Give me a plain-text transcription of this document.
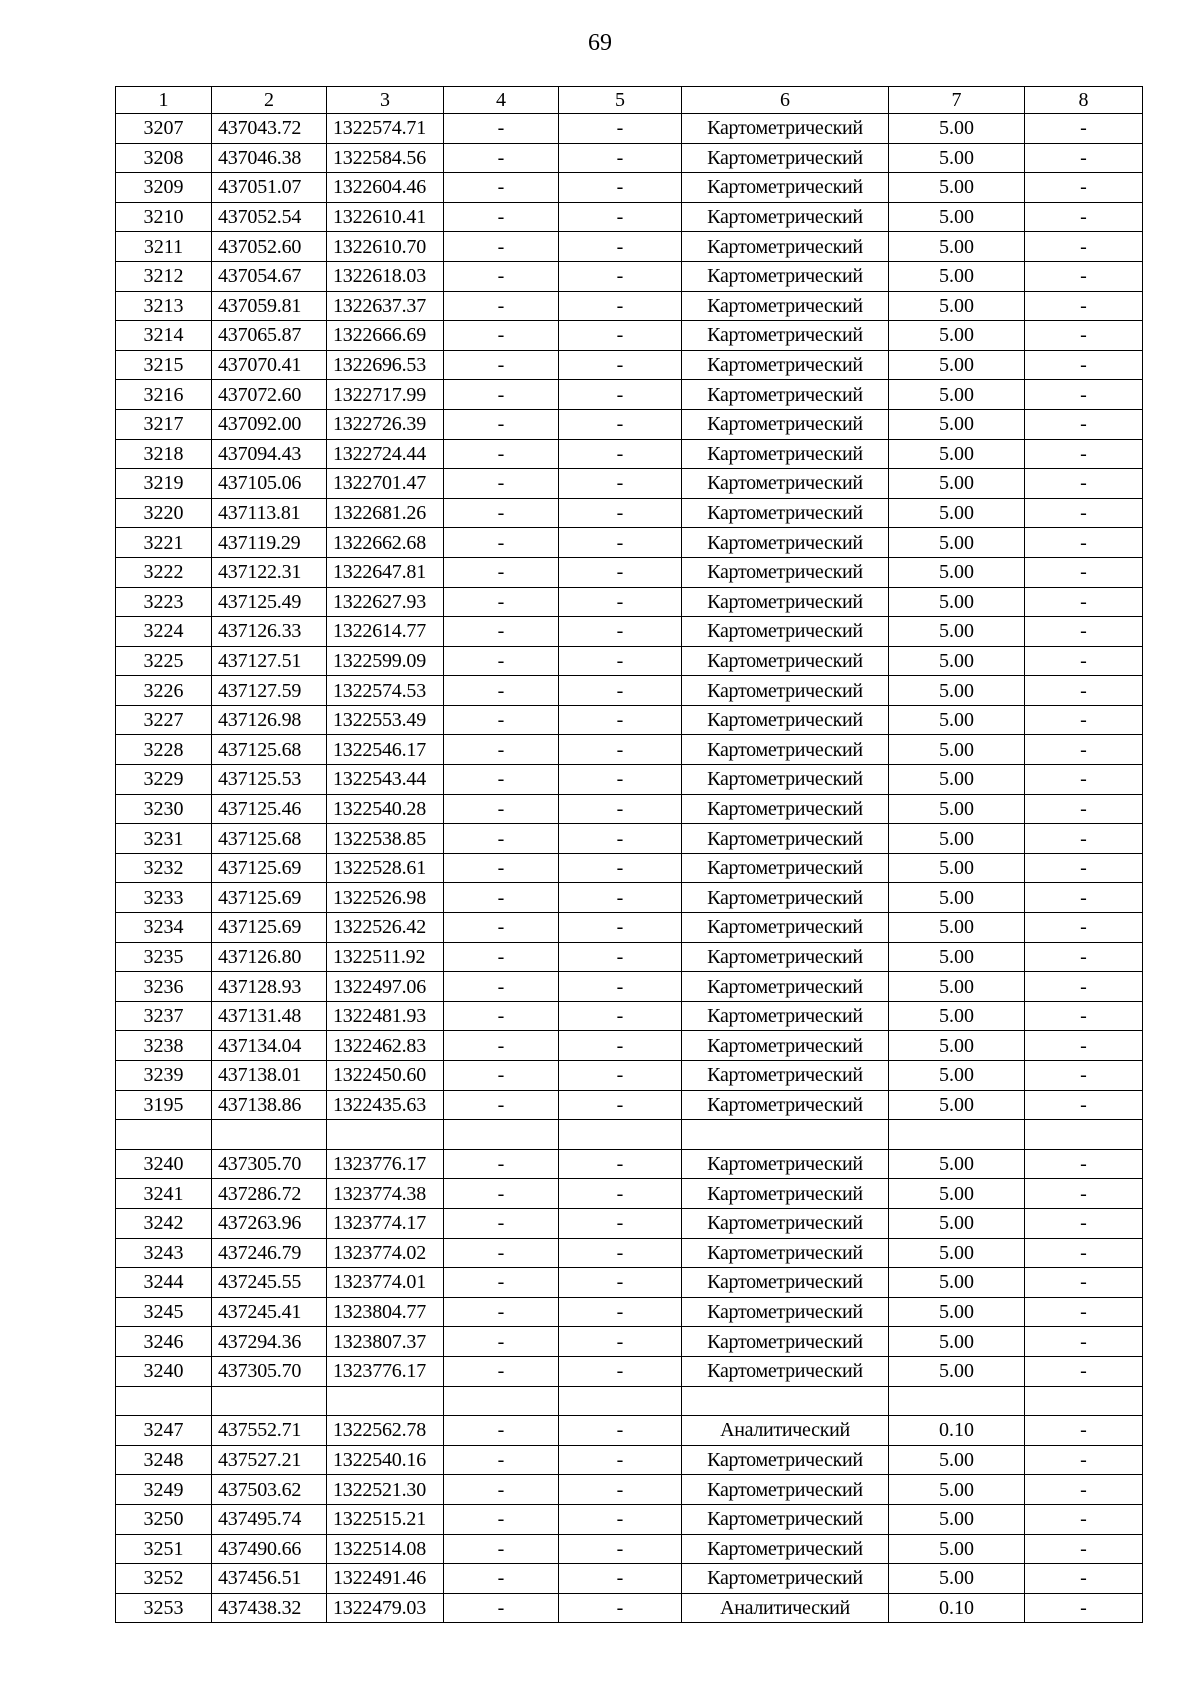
69
1	2	3	4	5	6	7	8
3207	437043.72	1322574.71	-	-	Картометрический	5.00	-
3208	437046.38	1322584.56	-	-	Картометрический	5.00	-
3209	437051.07	1322604.46	-	-	Картометрический	5.00	-
3210	437052.54	1322610.41	-	-	Картометрический	5.00	-
3211	437052.60	1322610.70	-	-	Картометрический	5.00	-
3212	437054.67	1322618.03	-	-	Картометрический	5.00	-
3213	437059.81	1322637.37	-	-	Картометрический	5.00	-
3214	437065.87	1322666.69	-	-	Картометрический	5.00	-
3215	437070.41	1322696.53	-	-	Картометрический	5.00	-
3216	437072.60	1322717.99	-	-	Картометрический	5.00	-
3217	437092.00	1322726.39	-	-	Картометрический	5.00	-
3218	437094.43	1322724.44	-	-	Картометрический	5.00	-
3219	437105.06	1322701.47	-	-	Картометрический	5.00	-
3220	437113.81	1322681.26	-	-	Картометрический	5.00	-
3221	437119.29	1322662.68	-	-	Картометрический	5.00	-
3222	437122.31	1322647.81	-	-	Картометрический	5.00	-
3223	437125.49	1322627.93	-	-	Картометрический	5.00	-
3224	437126.33	1322614.77	-	-	Картометрический	5.00	-
3225	437127.51	1322599.09	-	-	Картометрический	5.00	-
3226	437127.59	1322574.53	-	-	Картометрический	5.00	-
3227	437126.98	1322553.49	-	-	Картометрический	5.00	-
3228	437125.68	1322546.17	-	-	Картометрический	5.00	-
3229	437125.53	1322543.44	-	-	Картометрический	5.00	-
3230	437125.46	1322540.28	-	-	Картометрический	5.00	-
3231	437125.68	1322538.85	-	-	Картометрический	5.00	-
3232	437125.69	1322528.61	-	-	Картометрический	5.00	-
3233	437125.69	1322526.98	-	-	Картометрический	5.00	-
3234	437125.69	1322526.42	-	-	Картометрический	5.00	-
3235	437126.80	1322511.92	-	-	Картометрический	5.00	-
3236	437128.93	1322497.06	-	-	Картометрический	5.00	-
3237	437131.48	1322481.93	-	-	Картометрический	5.00	-
3238	437134.04	1322462.83	-	-	Картометрический	5.00	-
3239	437138.01	1322450.60	-	-	Картометрический	5.00	-
3195	437138.86	1322435.63	-	-	Картометрический	5.00	-

3240	437305.70	1323776.17	-	-	Картометрический	5.00	-
3241	437286.72	1323774.38	-	-	Картометрический	5.00	-
3242	437263.96	1323774.17	-	-	Картометрический	5.00	-
3243	437246.79	1323774.02	-	-	Картометрический	5.00	-
3244	437245.55	1323774.01	-	-	Картометрический	5.00	-
3245	437245.41	1323804.77	-	-	Картометрический	5.00	-
3246	437294.36	1323807.37	-	-	Картометрический	5.00	-
3240	437305.70	1323776.17	-	-	Картометрический	5.00	-

3247	437552.71	1322562.78	-	-	Аналитический	0.10	-
3248	437527.21	1322540.16	-	-	Картометрический	5.00	-
3249	437503.62	1322521.30	-	-	Картометрический	5.00	-
3250	437495.74	1322515.21	-	-	Картометрический	5.00	-
3251	437490.66	1322514.08	-	-	Картометрический	5.00	-
3252	437456.51	1322491.46	-	-	Картометрический	5.00	-
3253	437438.32	1322479.03	-	-	Аналитический	0.10	-
